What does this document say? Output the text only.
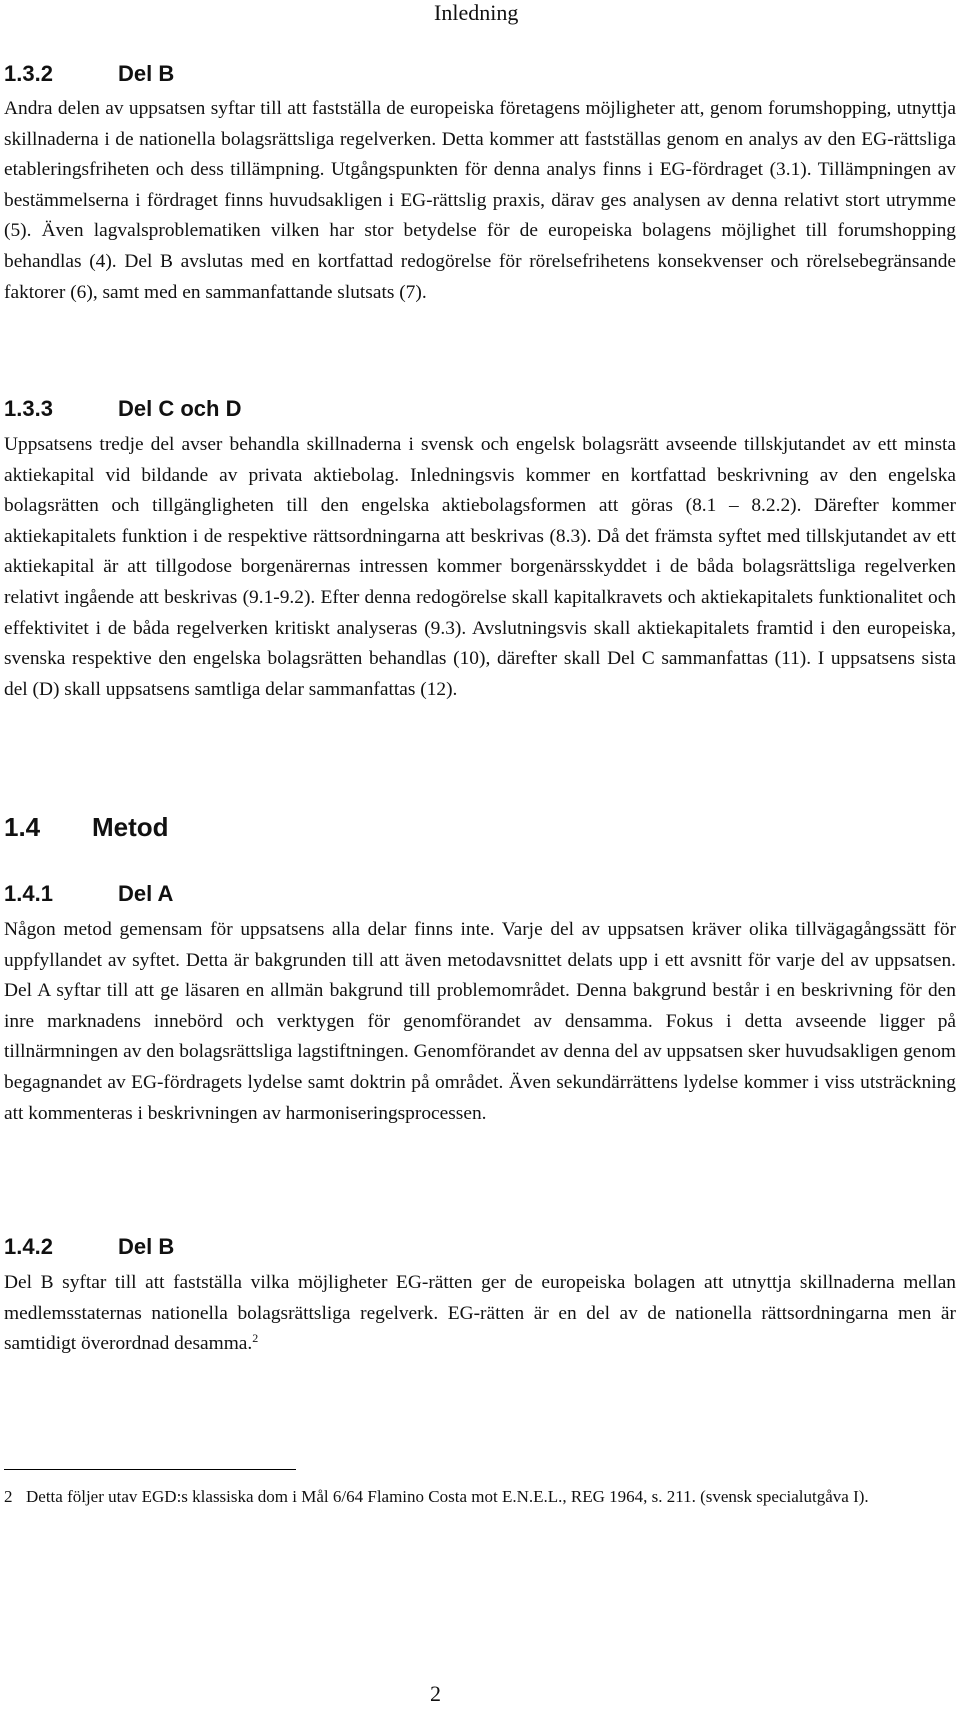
Inledning
1.3.2	Del B

Andra delen av uppsatsen syftar till att fastställa de europeiska företagens möjligheter att, genom forumshopping, utnyttja skillnaderna i de nationella bolagsrättsliga regelverken. Detta kommer att fastställas genom en analys av den EG-rättsliga etableringsfriheten och dess tillämpning. Utgångspunkten för denna analys finns i EG-fördraget (3.1). Tillämpningen av bestämmelserna i fördraget finns huvudsakligen i EG-rättslig praxis, därav ges analysen av denna relativt stort utrymme (5). Även lagvalsproblematiken vilken har stor betydelse för de europeiska bolagens möjlighet till forumshopping behandlas (4). Del B avslutas med en kortfattad redogörelse för rörelsefrihetens konsekvenser och rörelsebegränsande faktorer (6), samt med en sammanfattande slutsats (7).

1.3.3	Del C och D

Uppsatsens tredje del avser behandla skillnaderna i svensk och engelsk bolagsrätt avseende tillskjutandet av ett minsta aktiekapital vid bildande av privata aktiebolag. Inledningsvis kommer en kortfattad beskrivning av den engelska bolagsrätten och tillgängligheten till den engelska aktiebolagsformen att göras (8.1 – 8.2.2). Därefter kommer aktiekapitalets funktion i de respektive rättsordningarna att beskrivas (8.3). Då det främsta syftet med tillskjutandet av ett aktiekapital är att tillgodose borgenärernas intressen kommer borgenärsskyddet i de båda bolagsrättsliga regelverken relativt ingående att beskrivas (9.1-9.2). Efter denna redogörelse skall kapitalkravets och aktiekapitalets funktionalitet och effektivitet i de båda regelverken kritiskt analyseras (9.3). Avslutningsvis skall aktiekapitalets framtid i den europeiska, svenska respektive den engelska bolagsrätten behandlas (10), därefter skall Del C sammanfattas (11). I uppsatsens sista del (D) skall uppsatsens samtliga delar sammanfattas (12).

1.4 Metod
1.4.1	Del A

Någon metod gemensam för uppsatsens alla delar finns inte. Varje del av uppsatsen kräver olika tillvägagångssätt för uppfyllandet av syftet. Detta är bakgrunden till att även metodavsnittet delats upp i ett avsnitt för varje del av uppsatsen. Del A syftar till att ge läsaren en allmän bakgrund till problemområdet. Denna bakgrund består i en beskrivning för den inre marknadens innebörd och verktygen för genomförandet av densamma. Fokus i detta avseende ligger på tillnärmningen av den bolagsrättsliga lagstiftningen. Genomförandet av denna del av uppsatsen sker huvudsakligen genom begagnandet av EG-fördragets lydelse samt doktrin på området. Även sekundärrättens lydelse kommer i viss utsträckning att kommenteras i beskrivningen av harmoniseringsprocessen.

1.4.2	Del B

Del B syftar till att fastställa vilka möjligheter EG-rätten ger de europeiska bolagen att utnyttja skillnaderna mellan medlemsstaternas nationella bolagsrättsliga regelverk. EG-rätten är en del av de nationella rättsordningarna men är samtidigt överordnad desamma.$^2$

2 Detta följer utav EGD:s klassiska dom i Mål 6/64 Flamino Costa mot E.N.E.L., REG 1964, s. 211. (svensk specialutgåva I).

2
